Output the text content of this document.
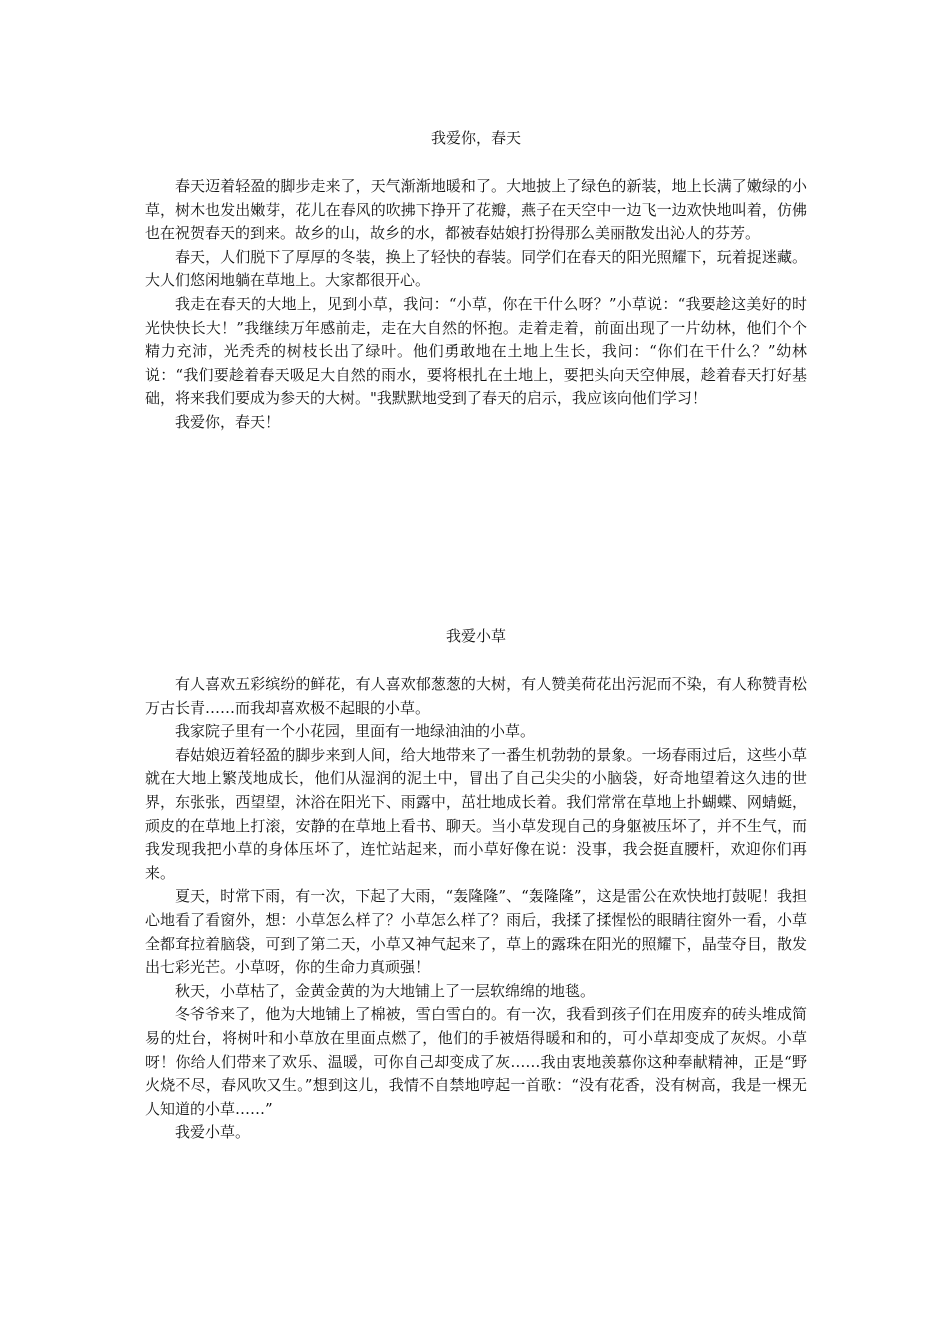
我爱你，春天

春天迈着轻盈的脚步走来了，天气渐渐地暖和了。大地披上了绿色的新装，地上长满了嫩绿的小草，树木也发出嫩芽，花儿在春风的吹拂下挣开了花瓣，燕子在天空中一边飞一边欢快地叫着，仿佛也在祝贺春天的到来。故乡的山，故乡的水，都被春姑娘打扮得那么美丽散发出沁人的芬芳。

春天，人们脱下了厚厚的冬装，换上了轻快的春装。同学们在春天的阳光照耀下，玩着捉迷藏。大人们悠闲地躺在草地上。大家都很开心。

我走在春天的大地上，见到小草，我问：“小草，你在干什么呀？”小草说：“我要趁这美好的时光快快长大！”我继续万年感前走，走在大自然的怀抱。走着走着，前面出现了一片幼林，他们个个精力充沛，光秃秃的树枝长出了绿叶。他们勇敢地在土地上生长，我问：“你们在干什么？”幼林说：“我们要趁着春天吸足大自然的雨水，要将根扎在土地上，要把头向天空伸展，趁着春天打好基础，将来我们要成为参天的大树。"我默默地受到了春天的启示，我应该向他们学习！

我爱你，春天！

我爱小草

有人喜欢五彩缤纷的鲜花，有人喜欢郁葱葱的大树，有人赞美荷花出污泥而不染，有人称赞青松万古长青……而我却喜欢极不起眼的小草。

我家院子里有一个小花园，里面有一地绿油油的小草。

春姑娘迈着轻盈的脚步来到人间，给大地带来了一番生机勃勃的景象。一场春雨过后，这些小草就在大地上繁茂地成长，他们从湿润的泥土中，冒出了自己尖尖的小脑袋，好奇地望着这久违的世界，东张张，西望望，沐浴在阳光下、雨露中，茁壮地成长着。我们常常在草地上扑蝴蝶、网蜻蜓，顽皮的在草地上打滚，安静的在草地上看书、聊天。当小草发现自己的身躯被压坏了，并不生气，而我发现我把小草的身体压坏了，连忙站起来，而小草好像在说：没事，我会挺直腰杆，欢迎你们再来。

夏天，时常下雨，有一次，下起了大雨，“轰隆隆”、“轰隆隆”，这是雷公在欢快地打鼓呢！我担心地看了看窗外，想：小草怎么样了？小草怎么样了？雨后，我揉了揉惺忪的眼睛往窗外一看，小草全都耷拉着脑袋，可到了第二天，小草又神气起来了，草上的露珠在阳光的照耀下，晶莹夺目，散发出七彩光芒。小草呀，你的生命力真顽强！

秋天，小草枯了，金黄金黄的为大地铺上了一层软绵绵的地毯。

冬爷爷来了，他为大地铺上了棉被，雪白雪白的。有一次，我看到孩子们在用废弃的砖头堆成简易的灶台，将树叶和小草放在里面点燃了，他们的手被焐得暖和和的，可小草却变成了灰烬。小草呀！你给人们带来了欢乐、温暖，可你自己却变成了灰……我由衷地羡慕你这种奉献精神，正是“野火烧不尽，春风吹又生。”想到这儿，我情不自禁地哼起一首歌：“没有花香，没有树高，我是一棵无人知道的小草……”

我爱小草。
